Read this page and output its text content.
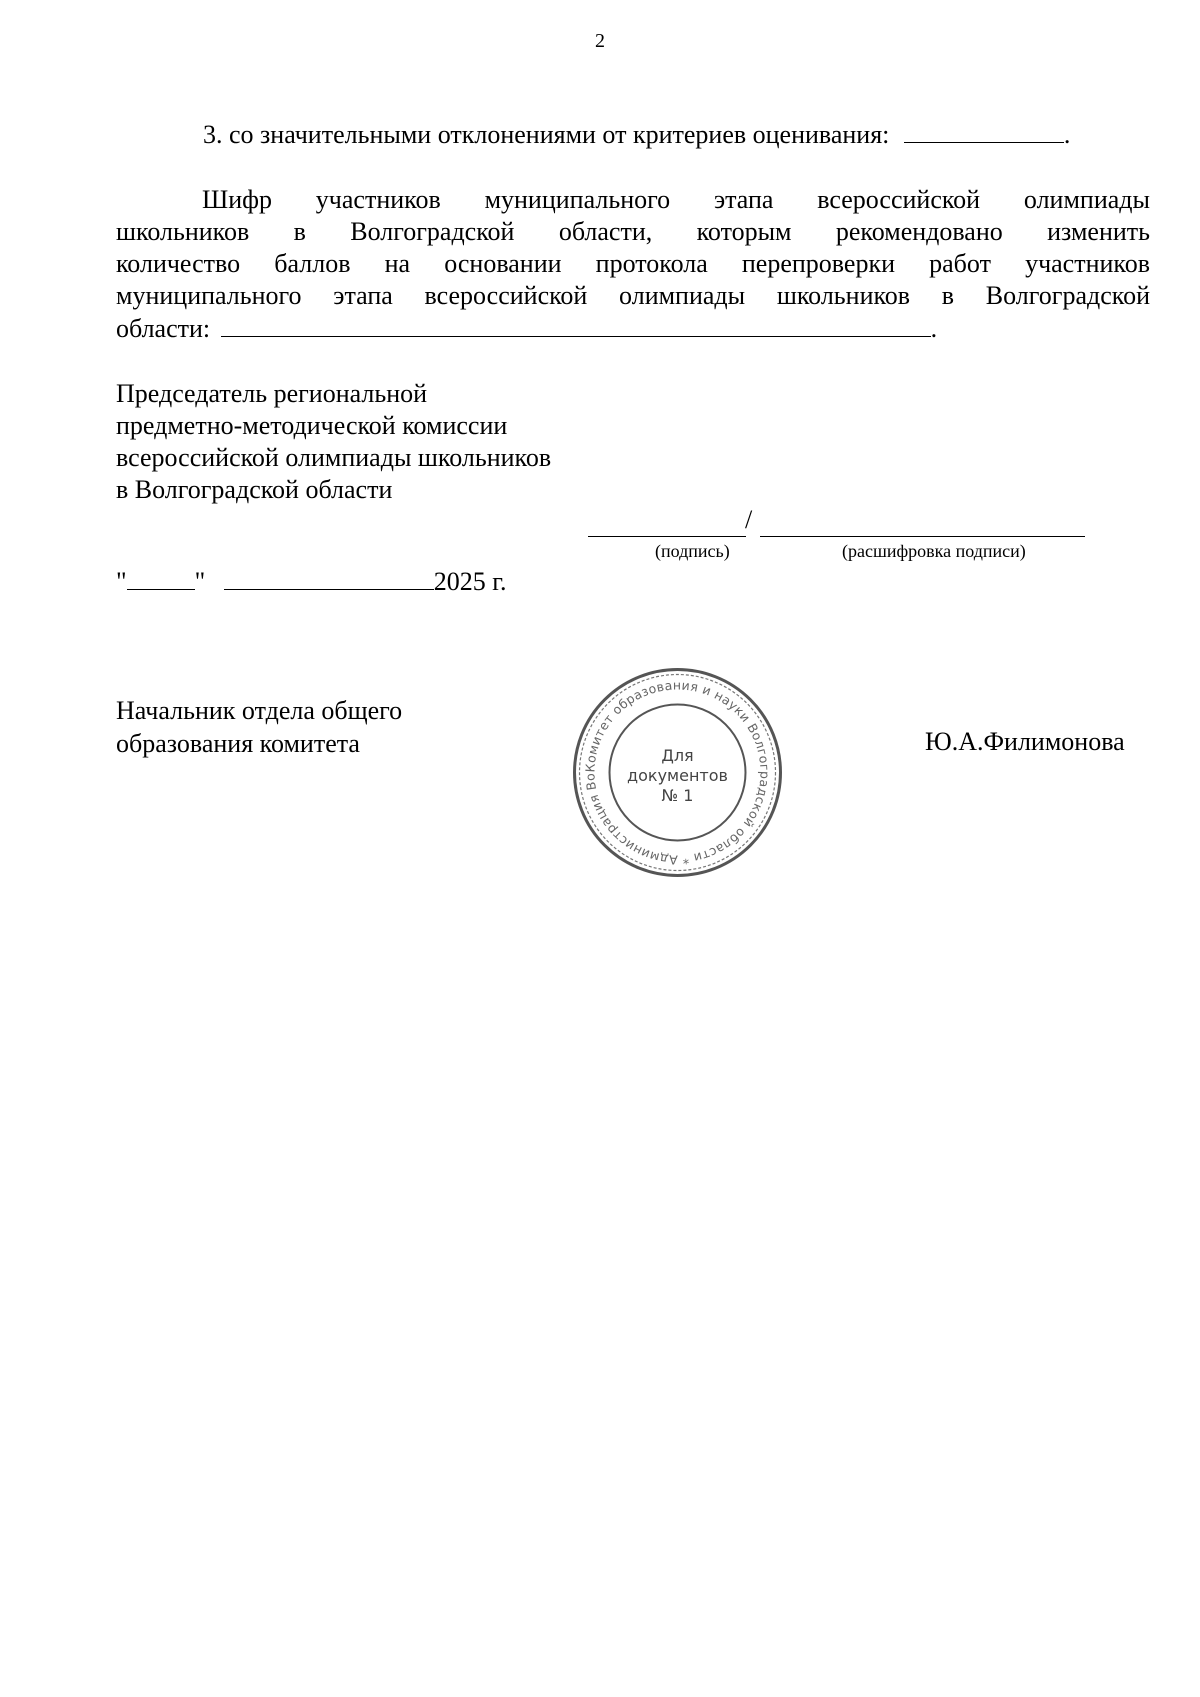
2
3. со значительными отклонениями от критериев оценивания:	.
Шифр участников муниципального этапа всероссийской олимпиады
школьников в Волгоградской области, которым рекомендовано изменить
количество баллов на основании протокола перепроверки работ участников
муниципального этапа всероссийской олимпиады школьников в Волгоградской
области:	.
Председатель региональной
предметно-методической комиссии
всероссийской олимпиады школьников
в Волгоградской области
/
(подпись)	(расшифровка подписи)
"	"	2025 г.
Начальник отдела общего
образования комитета	Ю.А.Филимонова
Комитет образования и науки Волгоградской области * Администрация Во
Для
документов
№ 1
